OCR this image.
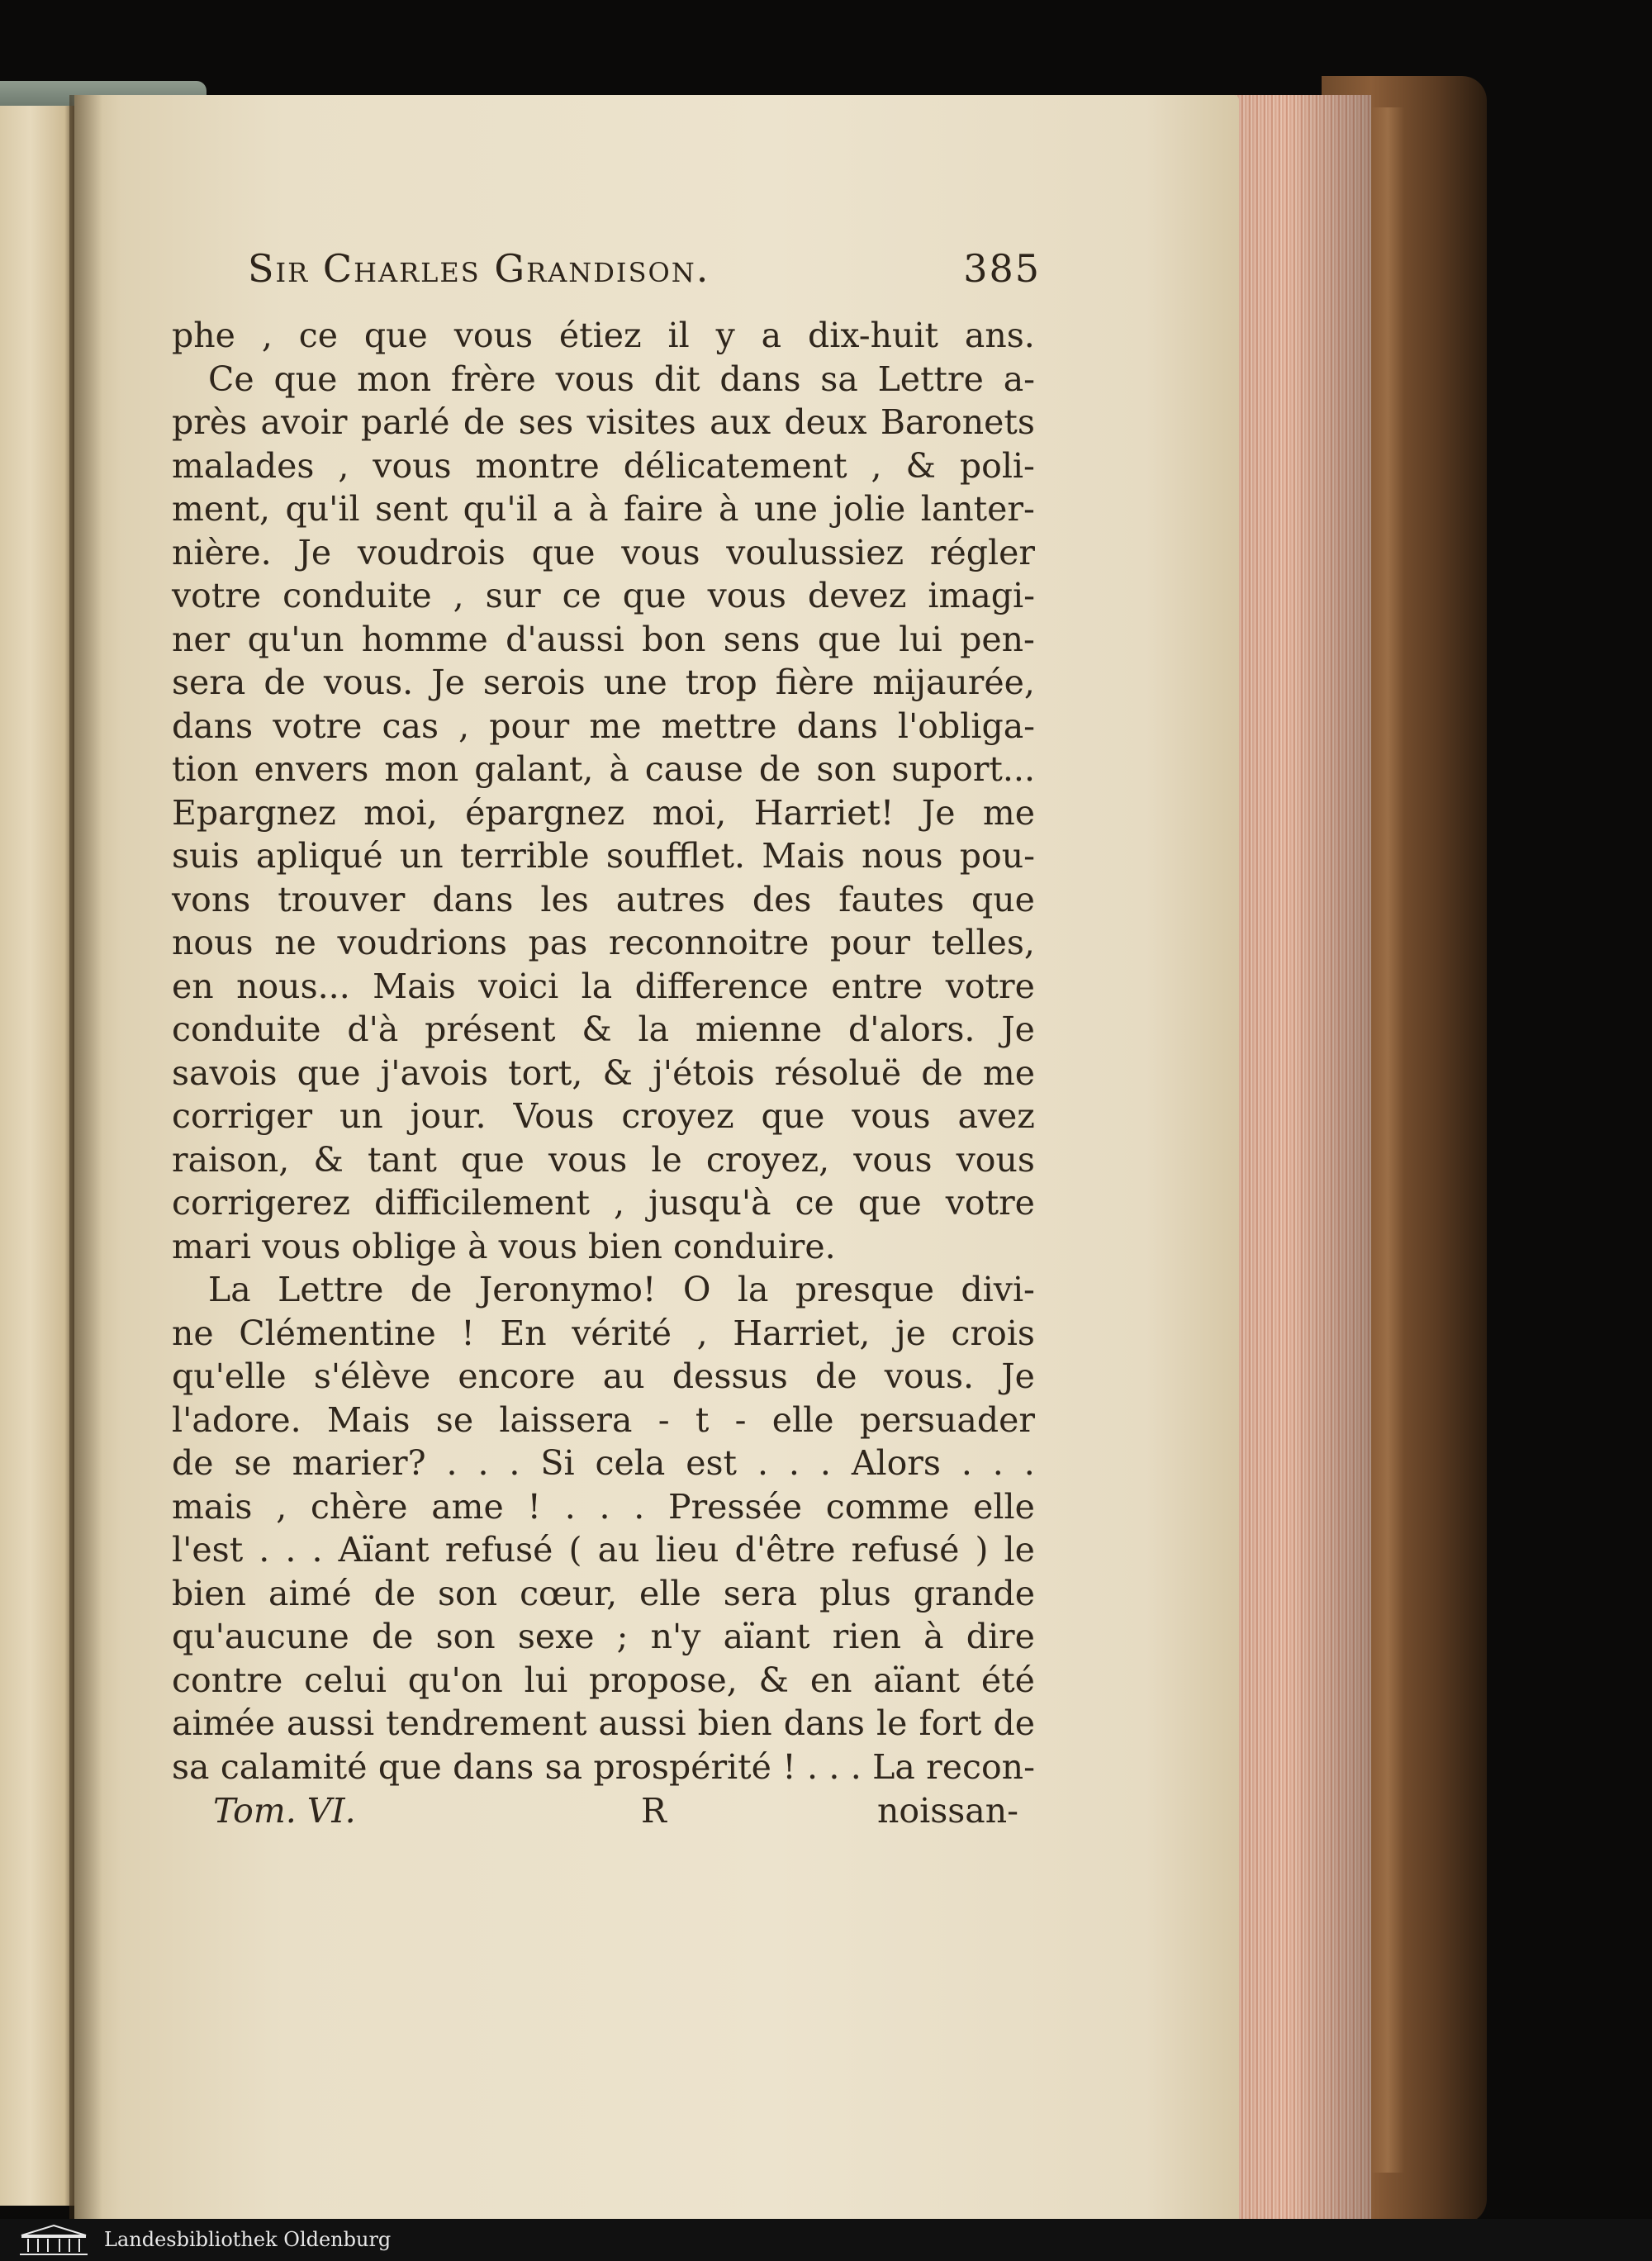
Sir Charles Grandison.	385
phe , ce que vous étiez il y a dix-huit ans.
Ce que mon frère vous dit dans sa Lettre a-
près avoir parlé de ses visites aux deux Baronets
malades , vous montre délicatement , & poli-
ment, qu'il sent qu'il a à faire à une jolie lanter-
nière. Je voudrois que vous voulussiez régler
votre conduite , sur ce que vous devez imagi-
ner qu'un homme d'aussi bon sens que lui pen-
sera de vous. Je serois une trop fière mijaurée,
dans votre cas , pour me mettre dans l'obliga-
tion envers mon galant, à cause de son suport...
Epargnez moi, épargnez moi, Harriet! Je me
suis apliqué un terrible soufflet. Mais nous pou-
vons trouver dans les autres des fautes que
nous ne voudrions pas reconnoitre pour telles,
en nous... Mais voici la difference entre votre
conduite d'à présent & la mienne d'alors. Je
savois que j'avois tort, & j'étois résoluë de me
corriger un jour. Vous croyez que vous avez
raison, & tant que vous le croyez, vous vous
corrigerez difficilement , jusqu'à ce que votre
mari vous oblige à vous bien conduire.
La Lettre de Jeronymo! O la presque divi-
ne Clémentine ! En vérité , Harriet, je crois
qu'elle s'élève encore au dessus de vous. Je
l'adore. Mais se laissera - t - elle persuader
de se marier? . . . Si cela est . . . Alors . . .
mais , chère ame ! . . . Pressée comme elle
l'est . . . Aïant refusé ( au lieu d'être refusé ) le
bien aimé de son cœur, elle sera plus grande
qu'aucune de son sexe ; n'y aïant rien à dire
contre celui qu'on lui propose, & en aïant été
aimée aussi tendrement aussi bien dans le fort de
sa calamité que dans sa prospérité ! . . . La recon-
Tom. VI.	R	noissan-
Landesbibliothek Oldenburg
